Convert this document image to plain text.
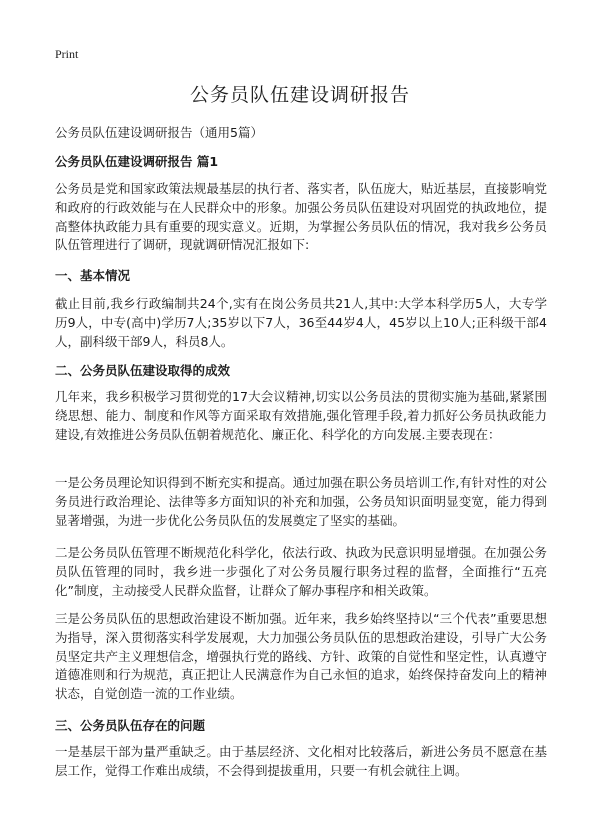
Print
公务员队伍建设调研报告
公务员队伍建设调研报告（通用5篇）
公务员队伍建设调研报告 篇1

公务员是党和国家政策法规最基层的执行者、落实者，队伍庞大，贴近基层，直接影响党和政府的行政效能与在人民群众中的形象。加强公务员队伍建设对巩固党的执政地位，提高整体执政能力具有重要的现实意义。近期，为掌握公务员队伍的情况，我对我乡公务员队伍管理进行了调研，现就调研情况汇报如下:

一、基本情况

截止目前,我乡行政编制共24个,实有在岗公务员共21人,其中:大学本科学历5人，大专学历9人，中专(高中)学历7人;35岁以下7人，36至44岁4人，45岁以上10人;正科级干部4人，副科级干部9人，科员8人。

二、公务员队伍建设取得的成效

几年来，我乡积极学习贯彻党的17大会议精神,切实以公务员法的贯彻实施为基础,紧紧围绕思想、能力、制度和作风等方面采取有效措施,强化管理手段,着力抓好公务员执政能力建设,有效推进公务员队伍朝着规范化、廉正化、科学化的方向发展.主要表现在：

一是公务员理论知识得到不断充实和提高。通过加强在职公务员培训工作,有针对性的对公务员进行政治理论、法律等多方面知识的补充和加强，公务员知识面明显变宽，能力得到显著增强，为进一步优化公务员队伍的发展奠定了坚实的基础。

二是公务员队伍管理不断规范化科学化，依法行政、执政为民意识明显增强。在加强公务员队伍管理的同时，我乡进一步强化了对公务员履行职务过程的监督，全面推行“五亮化”制度，主动接受人民群众监督，让群众了解办事程序和相关政策。

三是公务员队伍的思想政治建设不断加强。近年来，我乡始终坚持以“三个代表”重要思想为指导，深入贯彻落实科学发展观，大力加强公务员队伍的思想政治建设，引导广大公务员坚定共产主义理想信念，增强执行党的路线、方针、政策的自觉性和坚定性，认真遵守道德准则和行为规范，真正把让人民满意作为自己永恒的追求，始终保持奋发向上的精神状态，自觉创造一流的工作业绩。

三、公务员队伍存在的问题

一是基层干部为量严重缺乏。由于基层经济、文化相对比较落后，新进公务员不愿意在基层工作，觉得工作难出成绩，不会得到提拔重用，只要一有机会就往上调。
